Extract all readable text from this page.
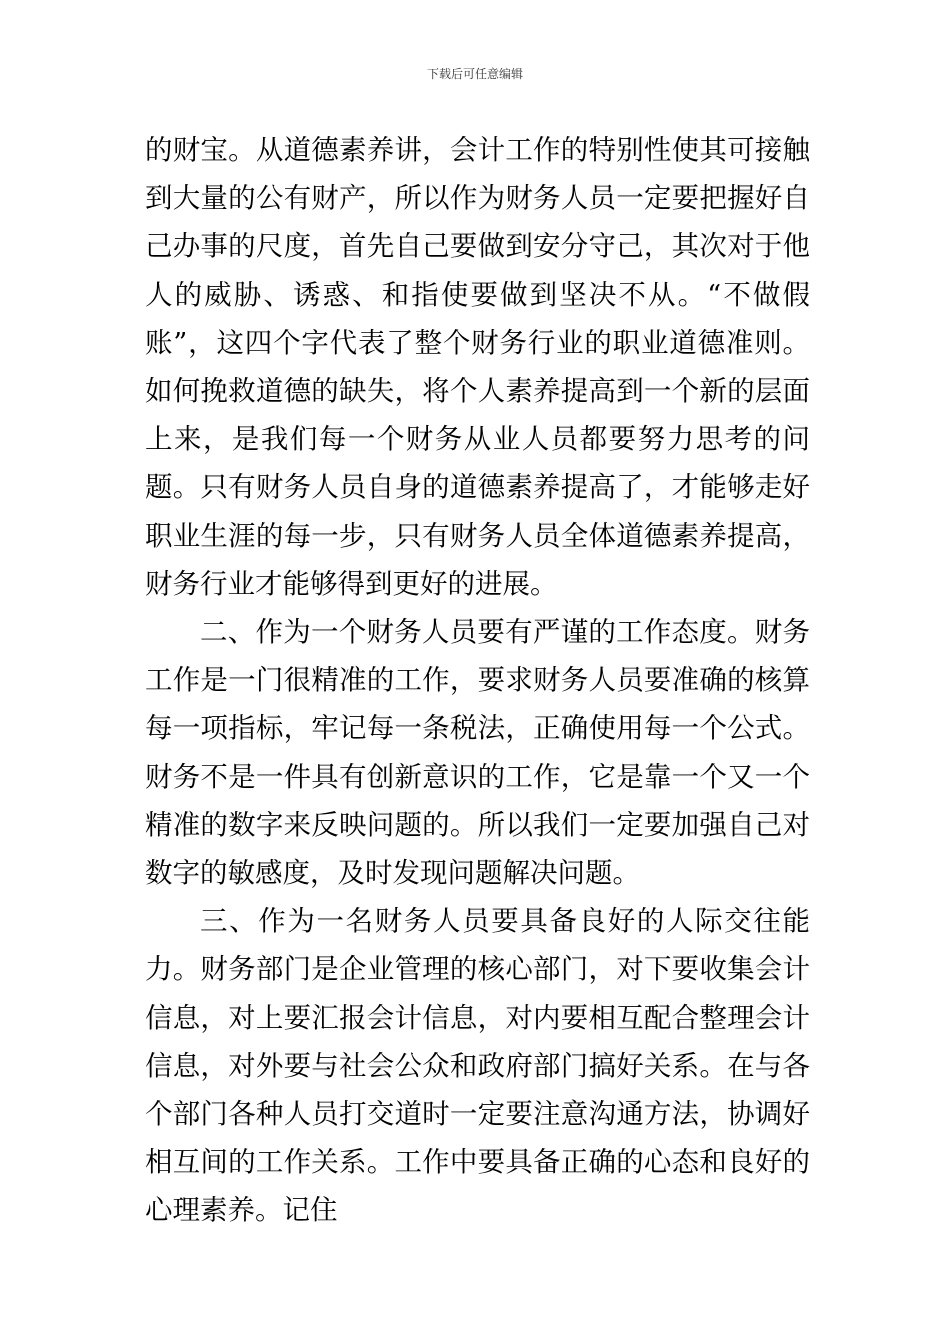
下载后可任意编辑

的财宝。从道德素养讲，会计工作的特别性使其可接触到大量的公有财产，所以作为财务人员一定要把握好自己办事的尺度，首先自己要做到安分守己，其次对于他人的威胁、诱惑、和指使要做到坚决不从。“不做假账”，这四个字代表了整个财务行业的职业道德准则。如何挽救道德的缺失，将个人素养提高到一个新的层面上来，是我们每一个财务从业人员都要努力思考的问题。只有财务人员自身的道德素养提高了，才能够走好职业生涯的每一步，只有财务人员全体道德素养提高，财务行业才能够得到更好的进展。

二、作为一个财务人员要有严谨的工作态度。财务工作是一门很精准的工作，要求财务人员要准确的核算每一项指标，牢记每一条税法，正确使用每一个公式。财务不是一件具有创新意识的工作，它是靠一个又一个精准的数字来反映问题的。所以我们一定要加强自己对数字的敏感度，及时发现问题解决问题。

三、作为一名财务人员要具备良好的人际交往能力。财务部门是企业管理的核心部门，对下要收集会计信息，对上要汇报会计信息，对内要相互配合整理会计信息，对外要与社会公众和政府部门搞好关系。在与各个部门各种人员打交道时一定要注意沟通方法，协调好相互间的工作关系。工作中要具备正确的心态和良好的心理素养。记住
